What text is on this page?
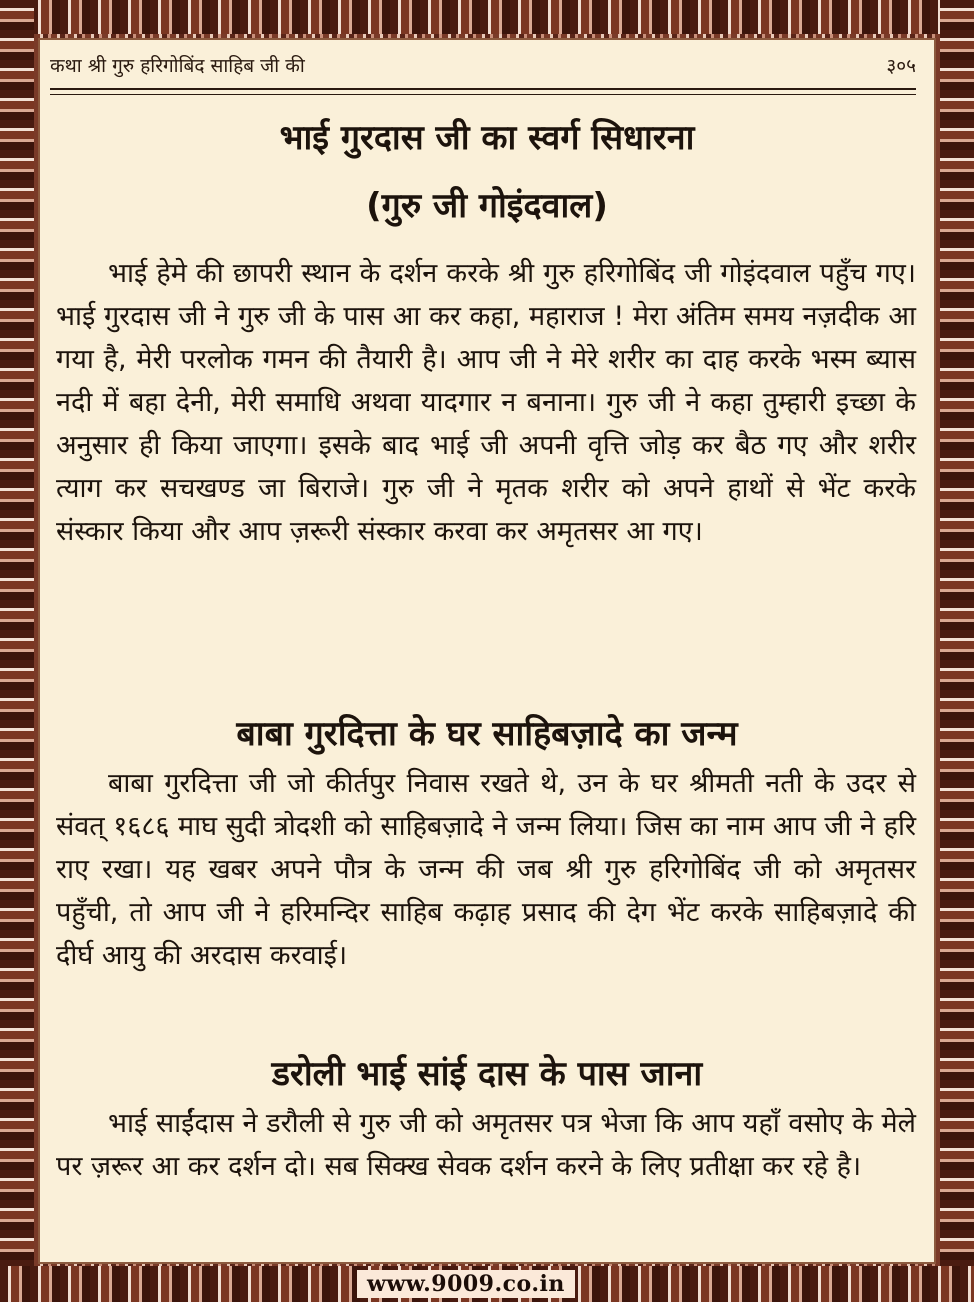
www.9009.co.in
कथा श्री गुरु हरिगोबिंद साहिब जी की	३०५
भाई गुरदास जी का स्वर्ग सिधारना
(गुरु जी गोइंदवाल)
भाई हेमे की छापरी स्थान के दर्शन करके श्री गुरु हरिगोबिंद जी गोइंदवाल पहुँच गए। भाई गुरदास जी ने गुरु जी के पास आ कर कहा, महाराज ! मेरा अंतिम समय नज़दीक आ गया है, मेरी परलोक गमन की तैयारी है। आप जी ने मेरे शरीर का दाह करके भस्म ब्यास नदी में बहा देनी, मेरी समाधि अथवा यादगार न बनाना। गुरु जी ने कहा तुम्हारी इच्छा के अनुसार ही किया जाएगा। इसके बाद भाई जी अपनी वृत्ति जोड़ कर बैठ गए और शरीर त्याग कर सचखण्ड जा बिराजे। गुरु जी ने मृतक शरीर को अपने हाथों से भेंट करके संस्कार किया और आप ज़रूरी संस्कार करवा कर अमृतसर आ गए।
बाबा गुरदित्ता के घर साहिबज़ादे का जन्म
बाबा गुरदित्ता जी जो कीर्तपुर निवास रखते थे, उन के घर श्रीमती नती के उदर से संवत् १६८६ माघ सुदी त्रोदशी को साहिबज़ादे ने जन्म लिया। जिस का नाम आप जी ने हरि राए रखा। यह खबर अपने पौत्र के जन्म की जब श्री गुरु हरिगोबिंद जी को अमृतसर पहुँची, तो आप जी ने हरिमन्दिर साहिब कढ़ाह प्रसाद की देग भेंट करके साहिबज़ादे की दीर्घ आयु की अरदास करवाई।
डरोली भाई सांई दास के पास जाना
भाई साईंदास ने डरौली से गुरु जी को अमृतसर पत्र भेजा कि आप यहाँ वसोए के मेले पर ज़रूर आ कर दर्शन दो। सब सिक्ख सेवक दर्शन करने के लिए प्रतीक्षा कर रहे है।
